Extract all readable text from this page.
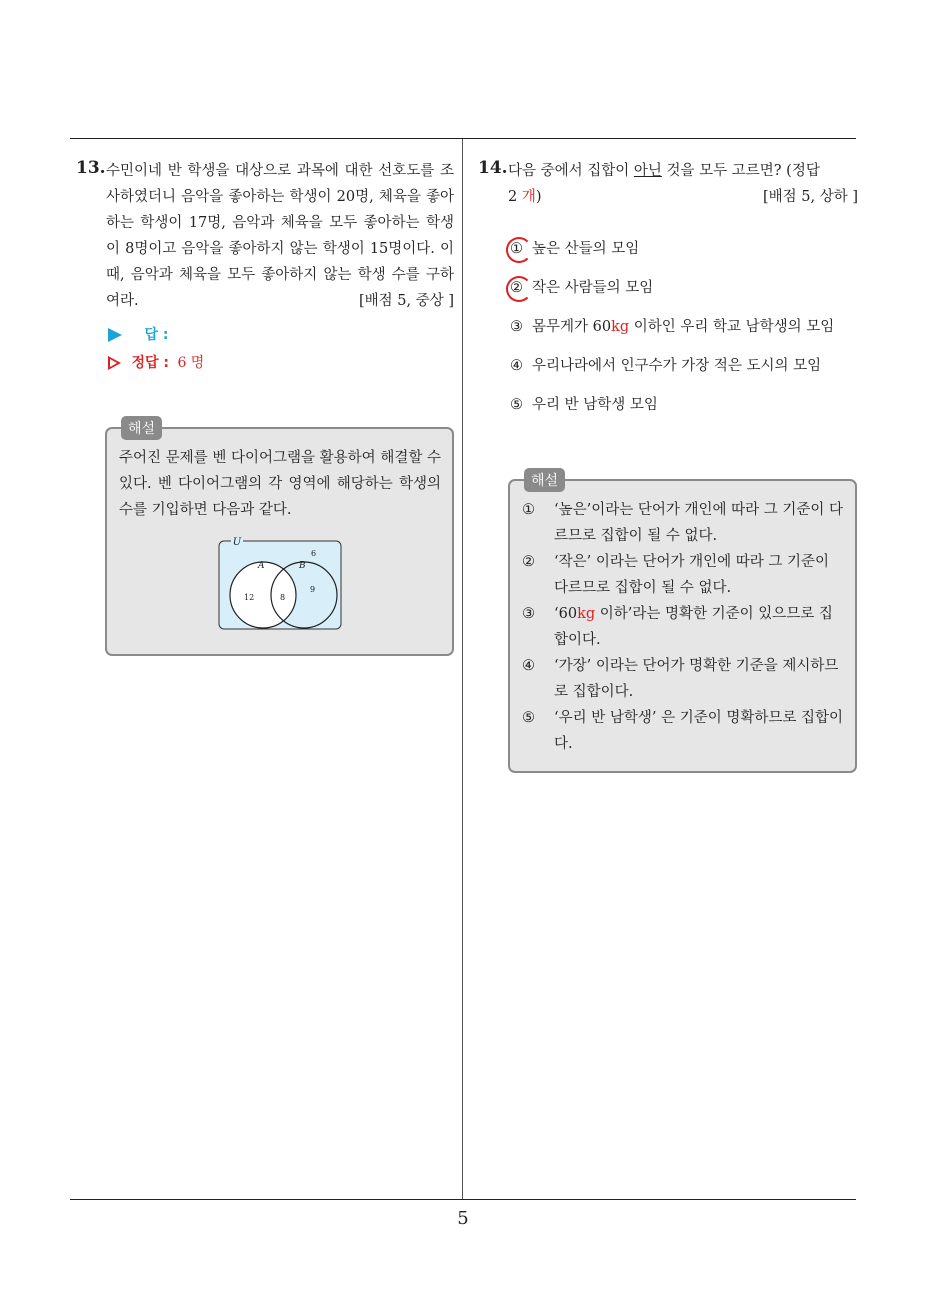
5
13. 수민이네 반 학생을 대상으로 과목에 대한 선호도를 조사하였더니 음악을 좋아하는 학생이 20명, 체육을 좋아하는 학생이 17명, 음악과 체육을 모두 좋아하는 학생이 8명이고 음악을 좋아하지 않는 학생이 15명이다. 이때, 음악과 체육을 모두 좋아하지 않는 학생 수를 구하여라.	[배점 5, 중상 ]
답 :
정답 : 6 명
해설
주어진 문제를 벤 다이어그램을 활용하여 해결할 수 있다. 벤 다이어그램의 각 영역에 해당하는 학생의 수를 기입하면 다음과 같다.
U
6
A	B
12	8
9
14. 다음 중에서 집합이 아닌 것을 모두 고르면? (정답
2 개)	[배점 5, 상하 ]
① 높은 산들의 모임
② 작은 사람들의 모임
③ 몸무게가 60kg 이하인 우리 학교 남학생의 모임
④ 우리나라에서 인구수가 가장 적은 도시의 모임
⑤ 우리 반 남학생 모임
해설
① ‘높은’이라는 단어가 개인에 따라 그 기준이 다르므로 집합이 될 수 없다.
② ‘작은’ 이라는 단어가 개인에 따라 그 기준이 다르므로 집합이 될 수 없다.
③ ‘60kg 이하’라는 명확한 기준이 있으므로 집합이다.
④ ‘가장’ 이라는 단어가 명확한 기준을 제시하므로 집합이다.
⑤ ‘우리 반 남학생’ 은 기준이 명확하므로 집합이다.
